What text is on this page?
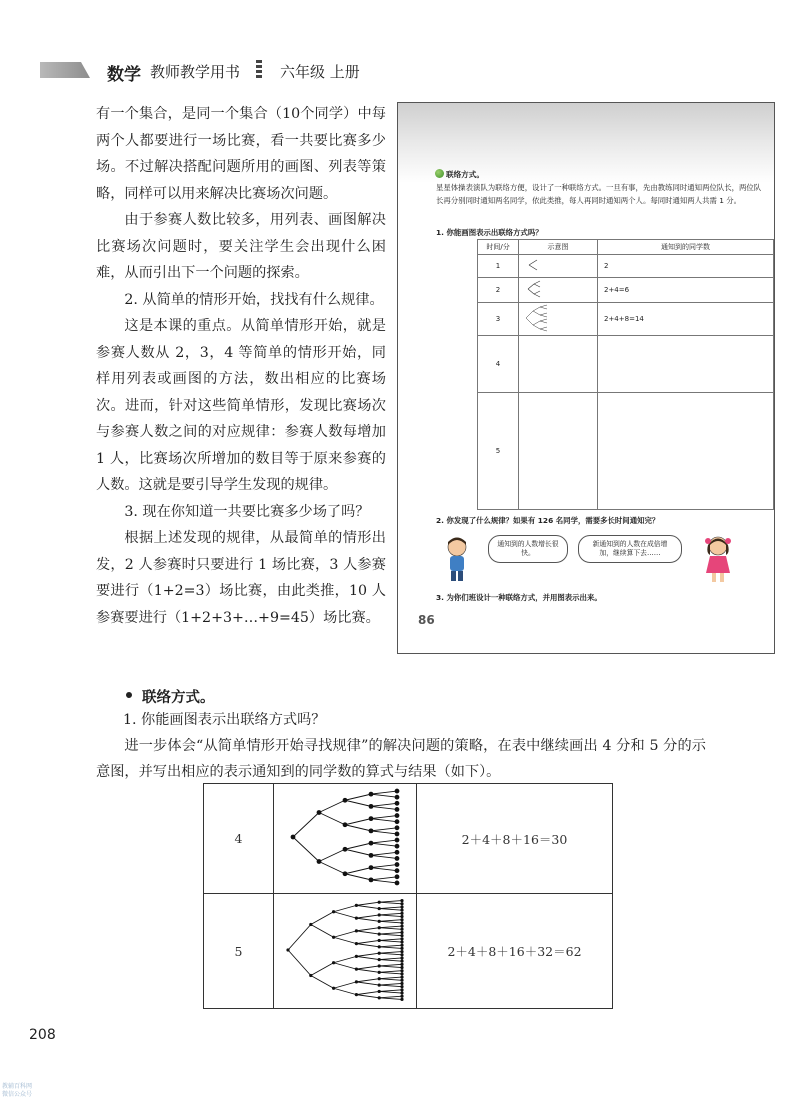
数学 教师教学用书	六年级 上册

有一个集合，是同一个集合（10个同学）中每两个人都要进行一场比赛，看一共要比赛多少场。不过解决搭配问题所用的画图、列表等策略，同样可以用来解决比赛场次问题。

由于参赛人数比较多，用列表、画图解决比赛场次问题时，要关注学生会出现什么困难，从而引出下一个问题的探索。

2. 从简单的情形开始，找找有什么规律。

这是本课的重点。从简单情形开始，就是参赛人数从 2，3，4 等简单的情形开始，同样用列表或画图的方法，数出相应的比赛场次。进而，针对这些简单情形，发现比赛场次与参赛人数之间的对应规律：参赛人数每增加 1 人，比赛场次所增加的数目等于原来参赛的人数。这就是要引导学生发现的规律。

3. 现在你知道一共要比赛多少场了吗？

根据上述发现的规律，从最简单的情形出发，2 人参赛时只要进行 1 场比赛，3 人参赛要进行（1+2=3）场比赛，由此类推，10 人参赛要进行（1+2+3+…+9=45）场比赛。

联络方式。
星星体操表演队为联络方便，设计了一种联络方式。一旦有事，先由教练同时通知两位队长，两位队长再分别同时通知两名同学，依此类推，每人再同时通知两个人。每同时通知两人共需 1 分。
1. 你能画图表示出联络方式吗？
时间/分	示意图	通知到的同学数
1		2
2		2+4=6
3		2+4+8=14
4		
5		
2. 你发现了什么规律？如果有 126 名同学，需要多长时间通知完？
通知到的人数增长很快。
新通知到的人数在成倍增加，继续算下去……
3. 为你们班设计一种联络方式，并用图表示出来。
86
联络方式。
1. 你能画图表示出联络方式吗？
进一步体会“从简单情形开始寻找规律”的解决问题的策略，在表中继续画出 4 分和 5 分的示意图，并写出相应的表示通知到的同学数的算式与结果（如下）。
4		2＋4＋8＋16＝30
5		2＋4＋8＋16＋32＝62
208
教辅百科网
微信公众号
